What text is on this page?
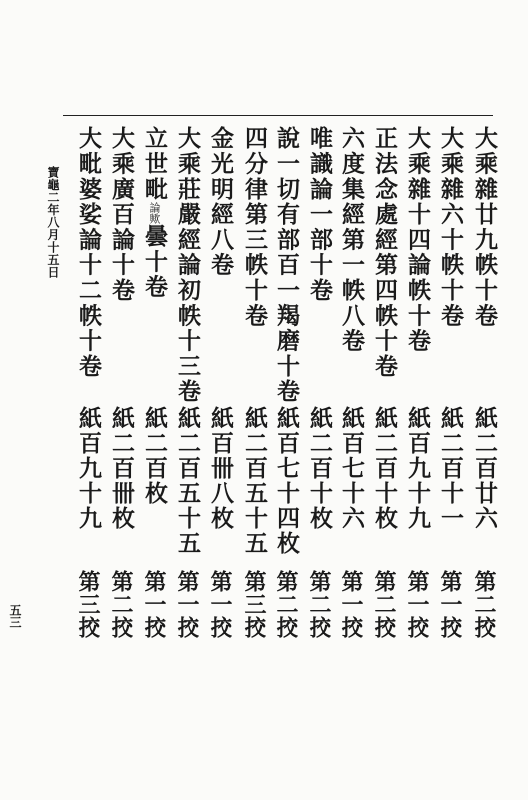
大乘雜廿九帙十卷
紙二百廿六
第二挍
大乘雜六十帙十卷
紙二百十一
第一挍
大乘雜十四論帙十卷
紙百九十九
第一挍
正法念處經第四帙十卷
紙二百十枚
第二挍
六度集經第一帙八卷
紙百七十六
第一挍
唯識論一部十卷
紙二百十枚
第二挍
說一切有部百一羯磨十卷
紙百七十四枚
第二挍
四分律第三帙十卷
紙二百五十五
第三挍
金光明經八卷
紙百卌八枚
第一挍
大乘莊嚴經論初帙十三卷
紙二百五十五
第一挍
立世毗論歟曇十卷
紙二百枚
第一挍
大乘廣百論十卷
紙二百卌枚
第二挍
大毗婆娑論十二帙十卷
紙百九十九
第三挍
寶龜二年八月十五日
五三
